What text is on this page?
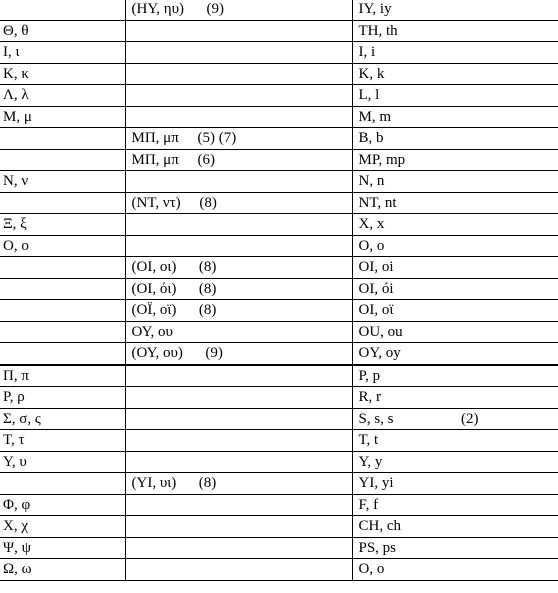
	(ΗΥ, ηυ)      (9)	ΙΥ, iy
Θ, θ		TH, th
Ι, ι		I, i
Κ, κ		K, k
Λ, λ		L, l
Μ, μ		M, m
	ΜΠ, μπ     (5) (7)	B, b
	ΜΠ, μπ     (6)	MP, mp
Ν, ν		N, n
	(ΝΤ, ντ)     (8)	NT, nt
Ξ, ξ		X, x
Ο, ο		O, o
	(ΟΙ, οι)      (8)	OI, oi
	(ΟΙ, όι)      (8)	OI, ói
	(ΟΪ, οϊ)      (8)	OI, oϊ
	ΟΥ, ου	OU, ou
	(ΟΥ, ου)      (9)	OY, oy
Π, π		P, p
Ρ, ρ		R, r
Σ, σ, ς		S, s, s                  (2)
Τ, τ		T, t
Υ, υ		Y, y
	(ΥΙ, υι)      (8)	YI, yi
Φ, φ		F, f
Χ, χ		CH, ch
Ψ, ψ		PS, ps
Ω, ω		O, o
